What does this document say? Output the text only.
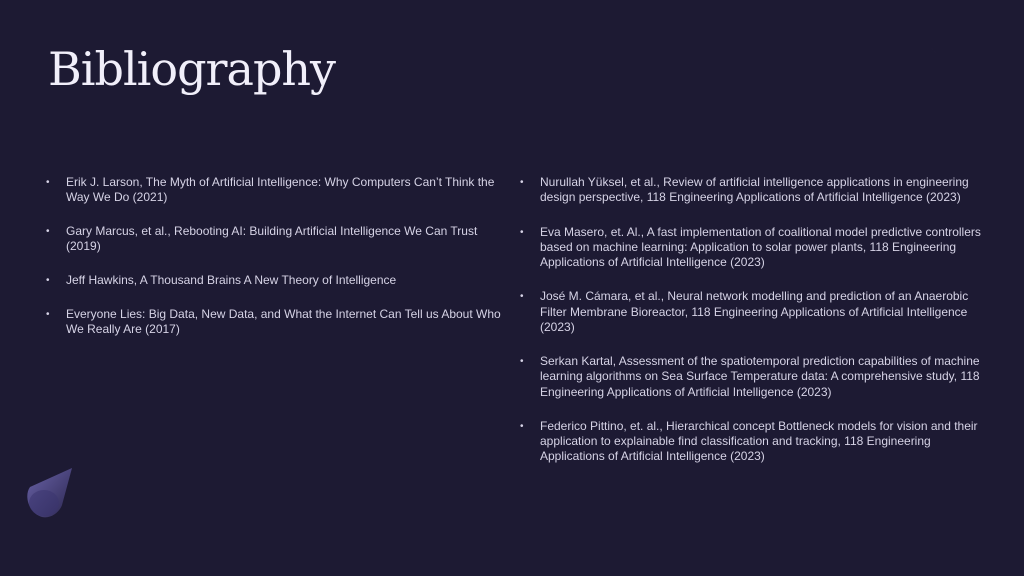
Bibliography
• Erik J. Larson, The Myth of Artificial Intelligence: Why Computers Can’t Think the Way We Do (2021)
• Gary Marcus, et al., Rebooting AI: Building Artificial Intelligence We Can Trust (2019)
• Jeff Hawkins, A Thousand Brains A New Theory of Intelligence
• Everyone Lies: Big Data, New Data, and What the Internet Can Tell us About Who We Really Are (2017)
• Nurullah Yüksel, et al., Review of artificial intelligence applications in engineering design perspective, 118 Engineering Applications of Artificial Intelligence (2023)
• Eva Masero, et. Al., A fast implementation of coalitional model predictive controllers based on machine learning: Application to solar power plants, 118 Engineering Applications of Artificial Intelligence (2023)
• José M. Cámara, et al., Neural network modelling and prediction of an Anaerobic Filter Membrane Bioreactor, 118 Engineering Applications of Artificial Intelligence (2023)
• Serkan Kartal, Assessment of the spatiotemporal prediction capabilities of machine learning algorithms on Sea Surface Temperature data: A comprehensive study, 118 Engineering Applications of Artificial Intelligence (2023)
• Federico Pittino, et. al., Hierarchical concept Bottleneck models for vision and their application to explainable find classification and tracking, 118 Engineering Applications of Artificial Intelligence (2023)
